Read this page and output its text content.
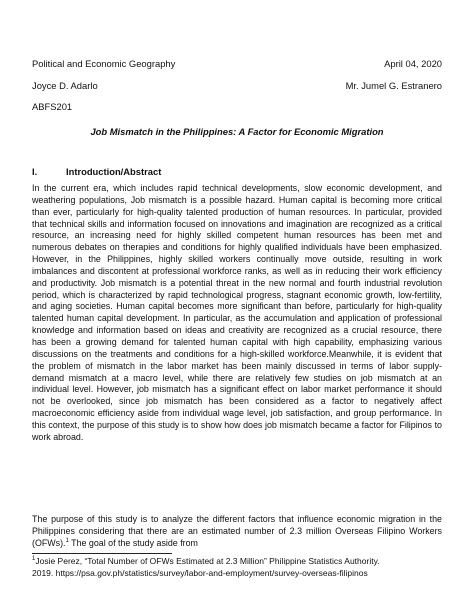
Political and Economic Geography	April 04, 2020
Joyce D. Adarlo	Mr. Jumel G. Estranero
ABFS201
Job Mismatch in the Philippines: A Factor for Economic Migration
I.	Introduction/Abstract

In the current era, which includes rapid technical developments, slow economic development, and weathering populations, Job mismatch is a possible hazard. Human capital is becoming more critical than ever, particularly for high-quality talented production of human resources. In particular, provided that technical skills and information focused on innovations and imagination are recognized as a critical resource, an increasing need for highly skilled competent human resources has been met and numerous debates on therapies and conditions for highly qualified individuals have been emphasized. However, in the Philippines, highly skilled workers continually move outside, resulting in work imbalances and discontent at professional workforce ranks, as well as in reducing their work efficiency and productivity. Job mismatch is a potential threat in the new normal and fourth industrial revolution period, which is characterized by rapid technological progress, stagnant economic growth, low-fertility, and aging societies. Human capital becomes more significant than before, particularly for high-quality talented human capital development. In particular, as the accumulation and application of professional knowledge and information based on ideas and creativity are recognized as a crucial resource, there has been a growing demand for talented human capital with high capability, emphasizing various discussions on the treatments and conditions for a high-skilled workforce.Meanwhile, it is evident that the problem of mismatch in the labor market has been mainly discussed in terms of labor supply-demand mismatch at a macro level, while there are relatively few studies on job mismatch at an individual level. However, job mismatch has a significant effect on labor market performance it should not be overlooked, since job mismatch has been considered as a factor to negatively affect macroeconomic efficiency aside from individual wage level, job satisfaction, and group performance. In this context, the purpose of this study is to show how does job mismatch became a factor for Filipinos to work abroad.

The purpose of this study is to analyze the different factors that influence economic migration in the Philippines considering that there are an estimated number of 2.3 million Overseas Filipino Workers (OFWs).$^1$ The goal of the study aside from

$^1$Josie Perez, “Total Number of OFWs Estimated at 2.3 Million” Philippine Statistics Authority.
2019. https://psa.gov.ph/statistics/survey/labor-and-employment/survey-overseas-filipinos
